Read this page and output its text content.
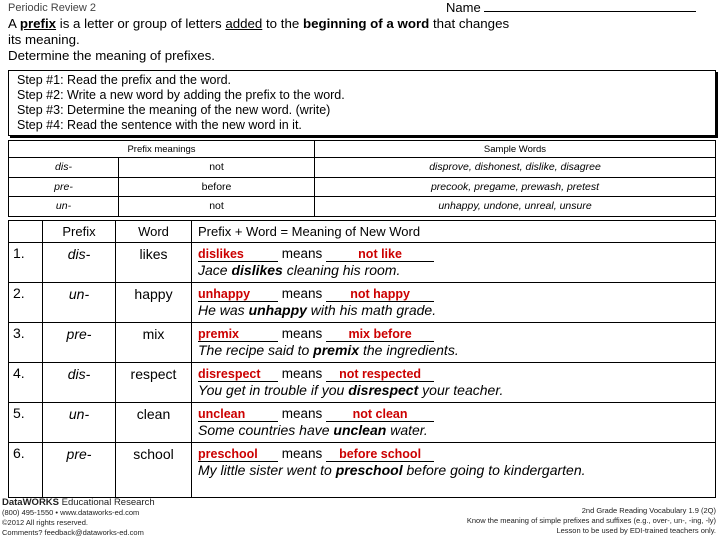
Periodic Review 2	Name
A prefix is a letter or group of letters added to the beginning of a word that changes
its meaning.
Determine the meaning of prefixes.
Step #1: Read the prefix and the word.
Step #2: Write a new word by adding the prefix to the word.
Step #3: Determine the meaning of the new word. (write)
Step #4: Read the sentence with the new word in it.
Prefix meanings		Sample Words
dis-	not	disprove, dishonest, dislike, disagree
pre-	before	precook, pregame, prewash, pretest
un-	not	unhappy, undone, unreal, unsure
	Prefix	Word	Prefix + Word = Meaning of New Word
1.	dis-	likes	dislikes means not like
Jace dislikes cleaning his room.

2.	un-	happy	unhappy means not happy
He was unhappy with his math grade.

3.	pre-	mix	premix means mix before
The recipe said to premix the ingredients.

4.	dis-	respect	disrespect means not respected
You get in trouble if you disrespect your teacher.

5.	un-	clean	unclean means not clean
Some countries have unclean water.

6.	pre-	school	preschool means before school
My little sister went to preschool before going to kindergarten.
DataWORKS Educational Research
(800) 495-1550 • www.dataworks-ed.com
©2012 All rights reserved.
Comments? feedback@dataworks-ed.com
2nd Grade Reading Vocabulary 1.9 (2Q)
Know the meaning of simple prefixes and suffixes (e.g., over-, un-, -ing, -ly)
Lesson to be used by EDI-trained teachers only.
